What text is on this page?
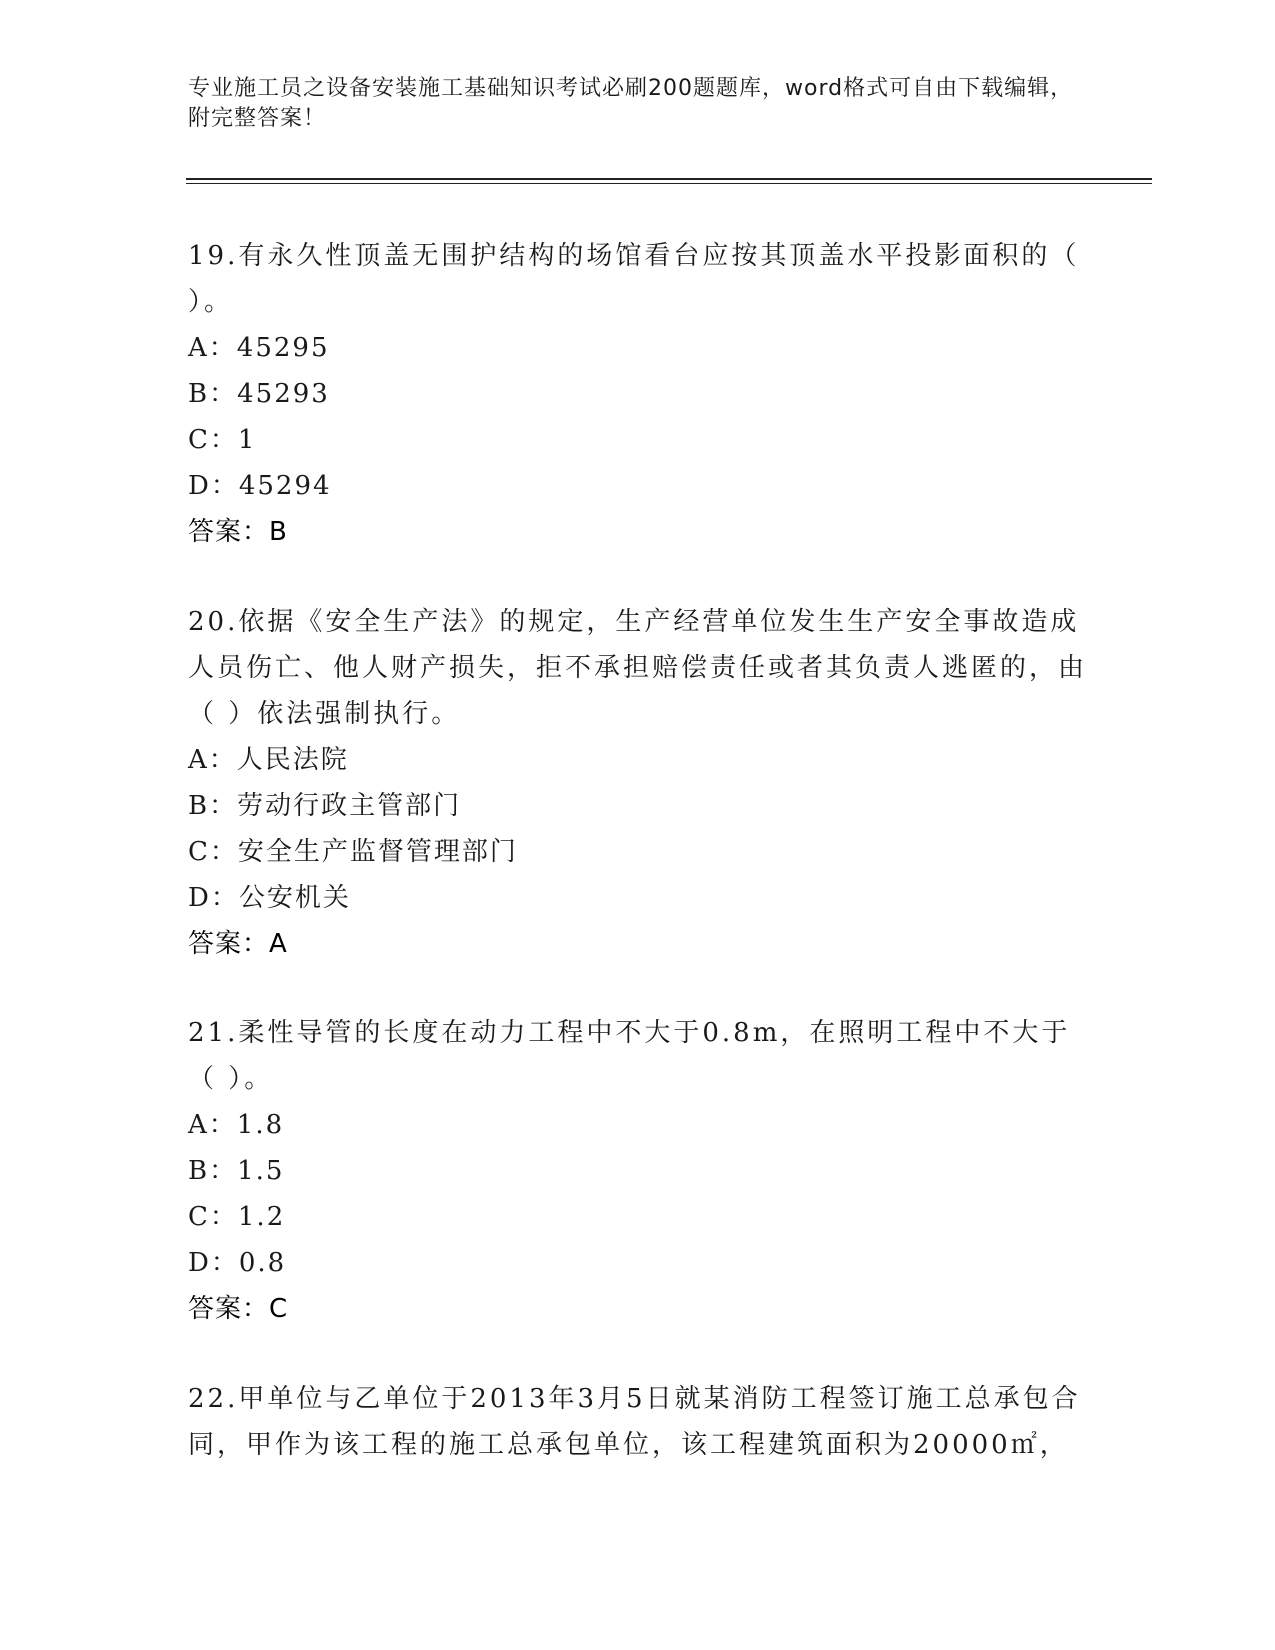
专业施工员之设备安装施工基础知识考试必刷200题题库，word格式可自由下载编辑，附完整答案！

19.有永久性顶盖无围护结构的场馆看台应按其顶盖水平投影面积的（ ）。

A：45295

B：45293

C：1

D：45294

答案：B

20.依据《安全生产法》的规定，生产经营单位发生生产安全事故造成人员伤亡、他人财产损失，拒不承担赔偿责任或者其负责人逃匿的，由（ ）依法强制执行。

A：人民法院

B：劳动行政主管部门

C：安全生产监督管理部门

D：公安机关

答案：A

21.柔性导管的长度在动力工程中不大于0.8m，在照明工程中不大于（ ）。

A：1.8

B：1.5

C：1.2

D：0.8

答案：C

22.甲单位与乙单位于2013年3月5日就某消防工程签订施工总承包合同，甲作为该工程的施工总承包单位，该工程建筑面积为20000㎡，
